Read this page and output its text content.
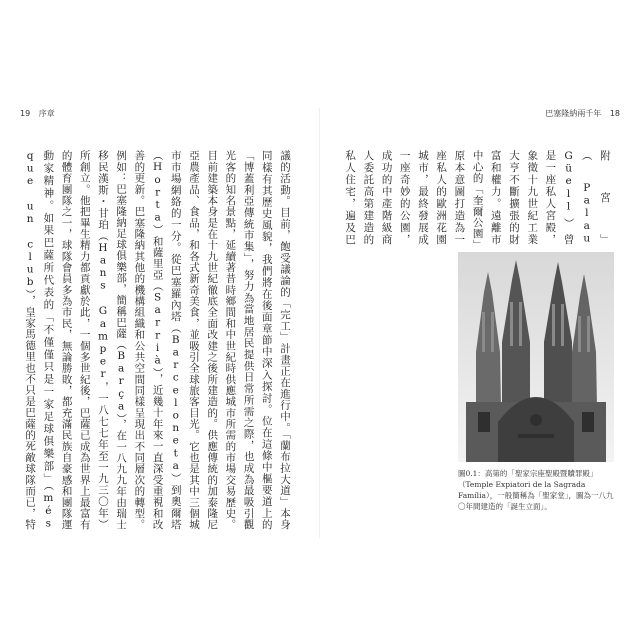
19 序章
議的活動。目前，飽受議論的「完工」計畫正在進行中。「蘭布拉大道」本身同樣有其歷史風貌，我們將在後面章節中深入探討。位在這條中樞要道上的「博蓋利亞傳統市集」，努力為當地居民提供日常所需之際，也成為最吸引觀光客的知名景點，延續著昔時鄉間和中世紀時供應城市所需的市場交易歷史。目前建築本身是在十九世紀徹底全面改建之後所建造的。供應傳統的加泰隆尼亞農產品、食品，和各式新奇美食，並吸引全球旅客目光。它也是其中三個城市市場網絡的一分。從巴塞羅內塔（Barceloneta）到奧爾塔（Horta）和薩里亞（Sarrià），近幾十年來一直深受重視和改善的更新。巴塞隆納其他的機構組織和公共空間同樣呈現出不同層次的轉型。例如：巴塞隆納足球俱樂部，簡稱巴薩（Barça），在一八九九年由瑞士移民漢斯・甘珀（Hans Gamper，一八七七年至一九三〇年）所創立。他把畢生精力都貢獻於此，一個多世紀後，巴薩已成為世界上最富有的體育團隊之一，球隊會員多為市民，無論勝敗，都充滿民族自豪感和團隊運動家精神。如果巴薩所代表的「不僅僅只是一家足球俱樂部」（més que un club），皇家馬德里也不只是巴薩的死敵球隊而已，特
巴塞隆納兩千年 18
附宮」（Palau Güell）曾是一座私人宮殿，象徵十九世紀工業大亨不斷擴張的財富和權力。遠離市中心的「奎爾公園」原本意圖打造為一座私人的歐洲花園城市，最終發展成一座奇妙的公園，成功的中產階級商人委託高第建造的私人住宅，遍及巴
圖0.1：高第的「聖家宗座聖殿暨贖罪殿」（Temple Expiatori de la Sagrada Família），一般簡稱為「聖家堂」，圖為一八九〇年間建造的「誕生立面」。
